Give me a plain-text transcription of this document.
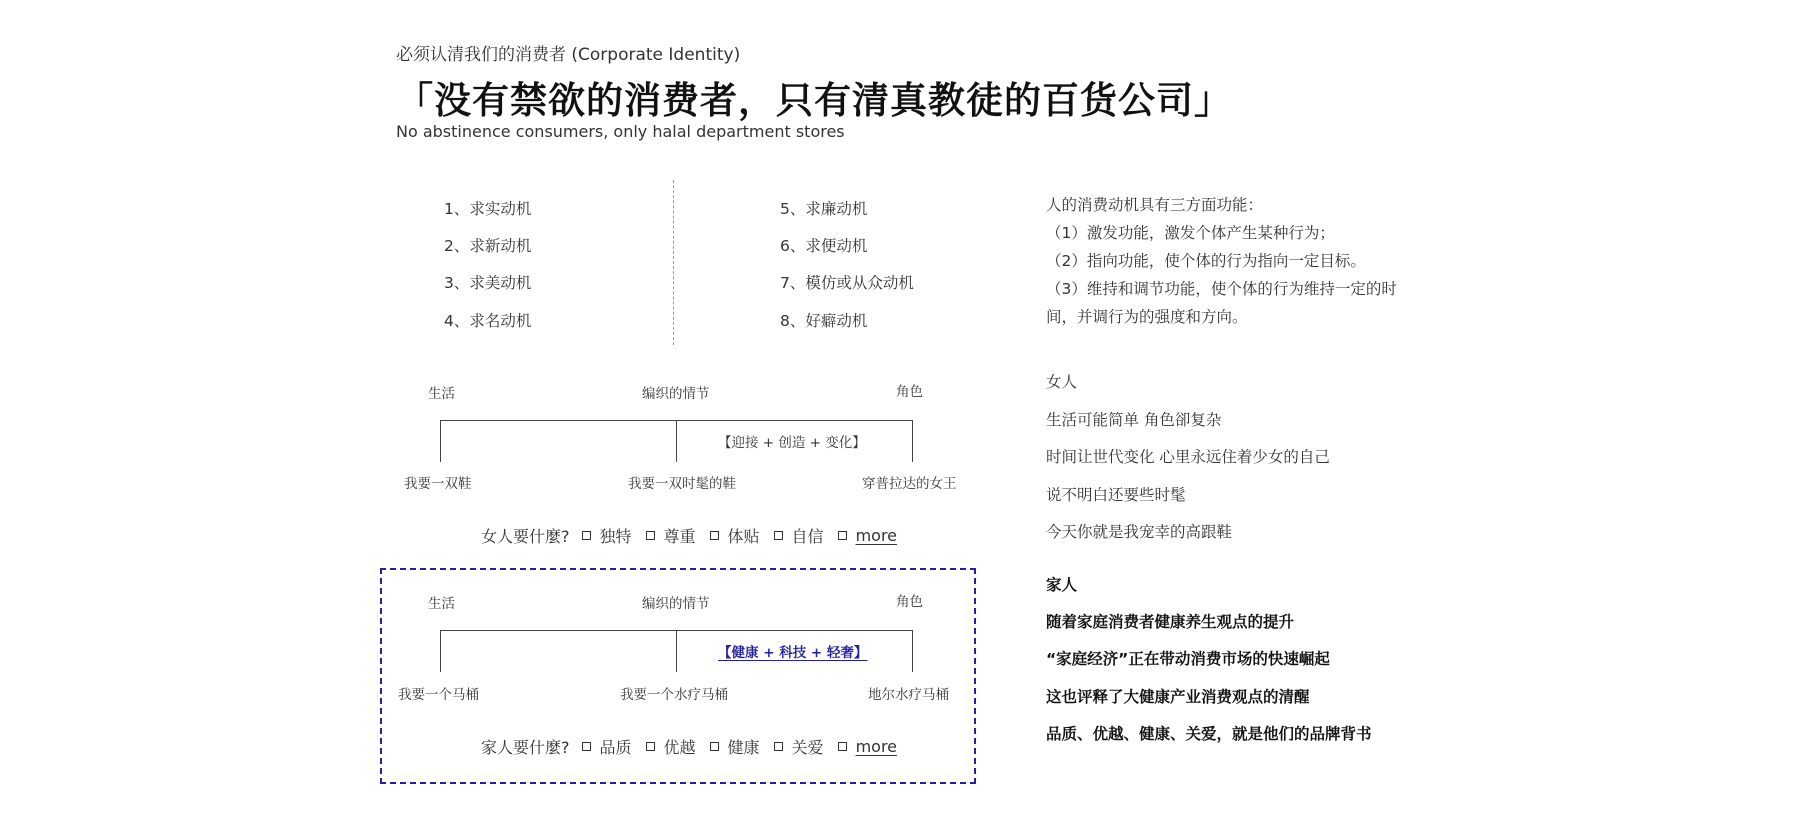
必须认清我们的消费者 (Corporate Identity)
「没有禁欲的消费者，只有清真教徒的百货公司」
No abstinence consumers, only halal department stores
1、求实动机
2、求新动机
3、求美动机
4、求名动机
5、求廉动机
6、求便动机
7、模仿或从众动机
8、好癖动机
人的消费动机具有三方面功能：
（1）激发功能，激发个体产生某种行为；
（2）指向功能，使个体的行为指向一定目标。
（3）维持和调节功能，使个体的行为维持一定的时
间，并调行为的强度和方向。
生活	编织的情节	角色
【迎接 + 创造 + 变化】
我要一双鞋	我要一双时髦的鞋	穿普拉达的女王
女人要什麼? 独特 尊重 体贴 自信 more
生活	编织的情节	角色
【健康 + 科技 + 轻奢】
我要一个马桶	我要一个水疗马桶	地尔水疗马桶
家人要什麼? 品质 优越 健康 关爱 more
女人
生活可能简单 角色卻复杂
时间让世代变化 心里永远住着少女的自己
说不明白还要些时髦
今天你就是我宠幸的高跟鞋
家人
随着家庭消费者健康养生观点的提升
“家庭经济”正在带动消费市场的快速崛起
这也评释了大健康产业消费观点的清醒
品质、优越、健康、关爱，就是他们的品牌背书
